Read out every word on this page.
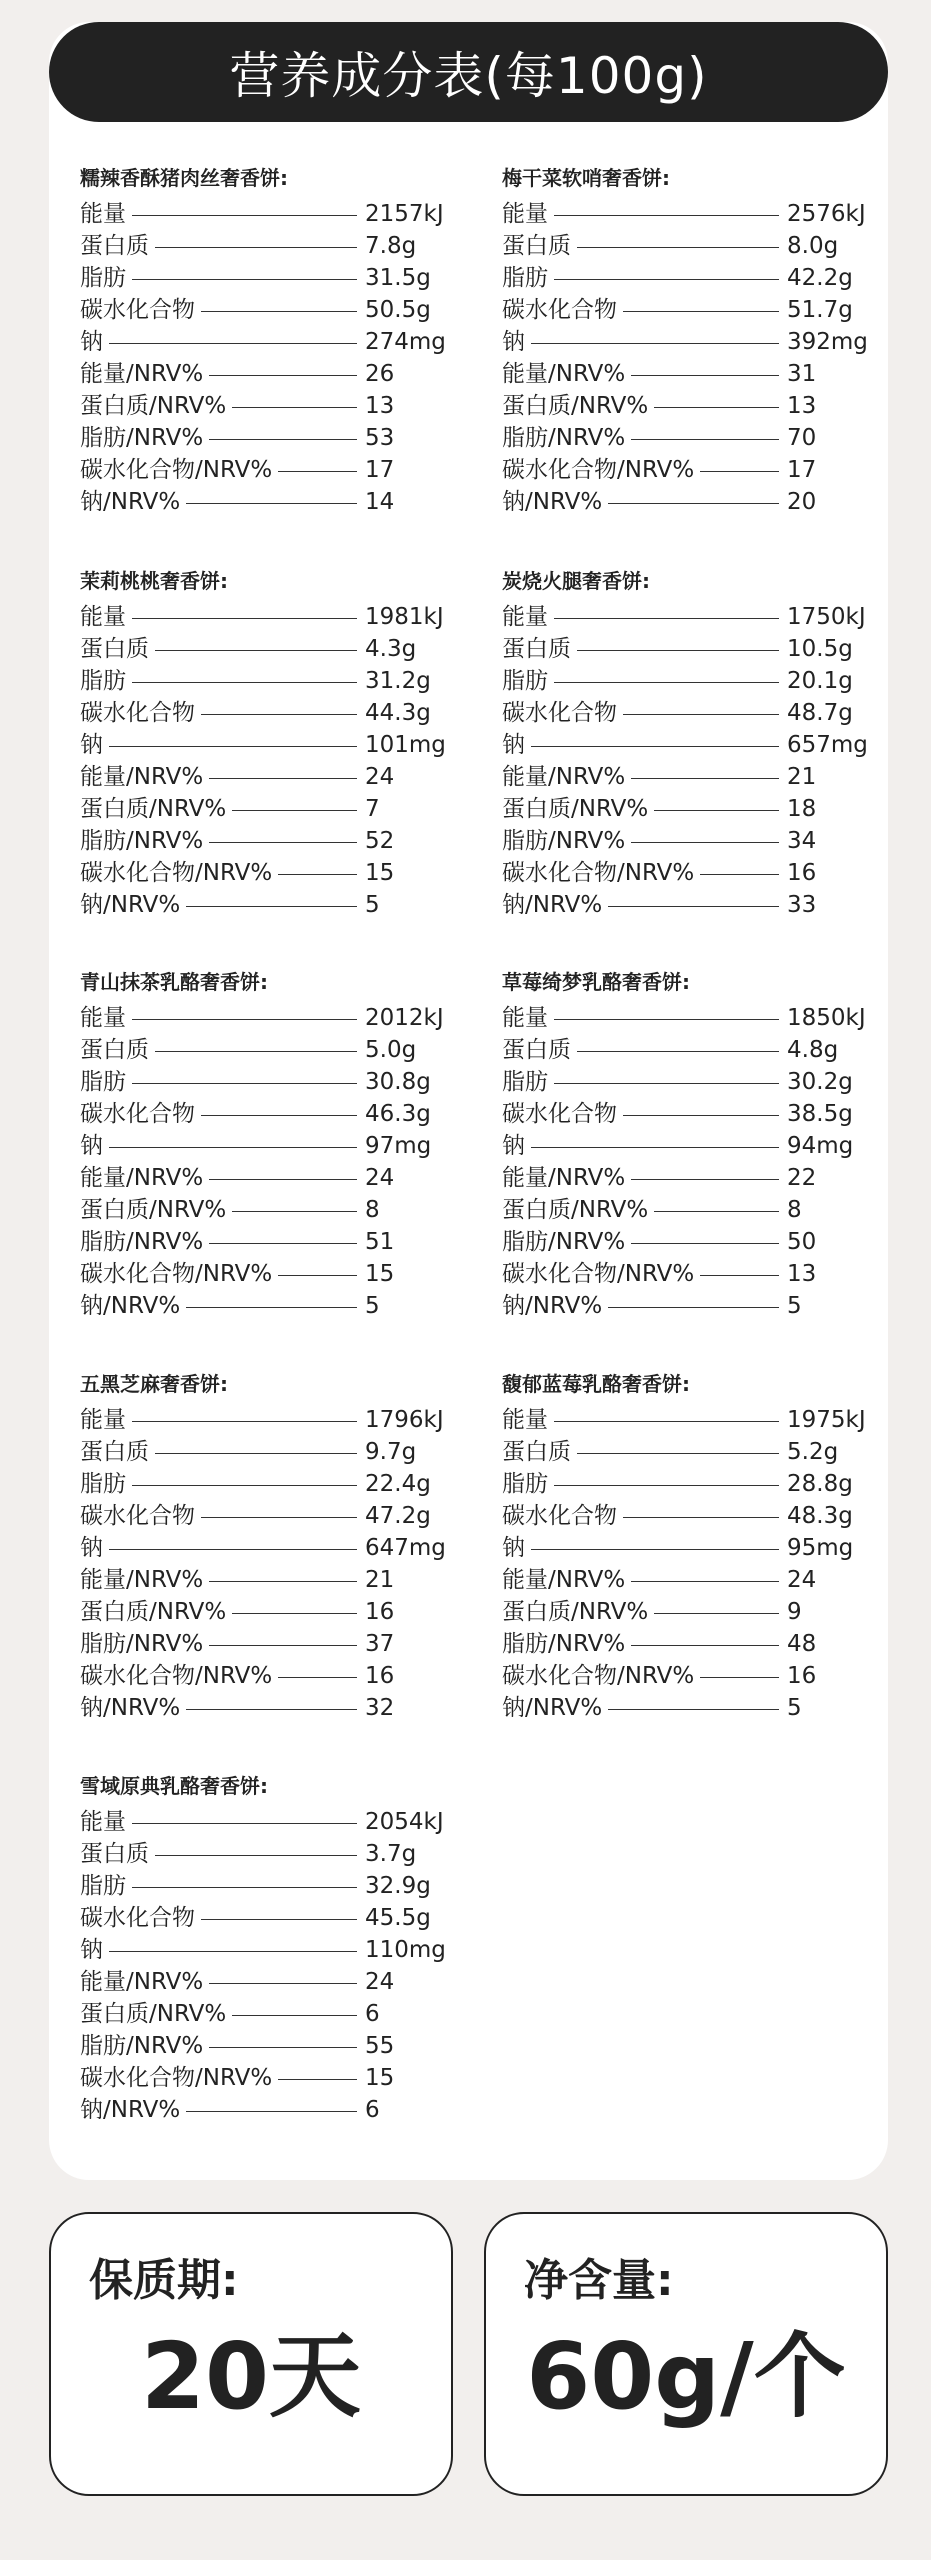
营养成分表(每100g)
糯辣香酥猪肉丝奢香饼:
能量	2157kJ
蛋白质	7.8g
脂肪	31.5g
碳水化合物	50.5g
钠	274mg
能量/NRV%	26
蛋白质/NRV%	13
脂肪/NRV%	53
碳水化合物/NRV%	17
钠/NRV%	14
梅干菜软哨奢香饼:
能量	2576kJ
蛋白质	8.0g
脂肪	42.2g
碳水化合物	51.7g
钠	392mg
能量/NRV%	31
蛋白质/NRV%	13
脂肪/NRV%	70
碳水化合物/NRV%	17
钠/NRV%	20
茉莉桃桃奢香饼:
能量	1981kJ
蛋白质	4.3g
脂肪	31.2g
碳水化合物	44.3g
钠	101mg
能量/NRV%	24
蛋白质/NRV%	7
脂肪/NRV%	52
碳水化合物/NRV%	15
钠/NRV%	5
炭烧火腿奢香饼:
能量	1750kJ
蛋白质	10.5g
脂肪	20.1g
碳水化合物	48.7g
钠	657mg
能量/NRV%	21
蛋白质/NRV%	18
脂肪/NRV%	34
碳水化合物/NRV%	16
钠/NRV%	33
青山抹茶乳酪奢香饼:
能量	2012kJ
蛋白质	5.0g
脂肪	30.8g
碳水化合物	46.3g
钠	97mg
能量/NRV%	24
蛋白质/NRV%	8
脂肪/NRV%	51
碳水化合物/NRV%	15
钠/NRV%	5
草莓绮梦乳酪奢香饼:
能量	1850kJ
蛋白质	4.8g
脂肪	30.2g
碳水化合物	38.5g
钠	94mg
能量/NRV%	22
蛋白质/NRV%	8
脂肪/NRV%	50
碳水化合物/NRV%	13
钠/NRV%	5
五黑芝麻奢香饼:
能量	1796kJ
蛋白质	9.7g
脂肪	22.4g
碳水化合物	47.2g
钠	647mg
能量/NRV%	21
蛋白质/NRV%	16
脂肪/NRV%	37
碳水化合物/NRV%	16
钠/NRV%	32
馥郁蓝莓乳酪奢香饼:
能量	1975kJ
蛋白质	5.2g
脂肪	28.8g
碳水化合物	48.3g
钠	95mg
能量/NRV%	24
蛋白质/NRV%	9
脂肪/NRV%	48
碳水化合物/NRV%	16
钠/NRV%	5
雪域原典乳酪奢香饼:
能量	2054kJ
蛋白质	3.7g
脂肪	32.9g
碳水化合物	45.5g
钠	110mg
能量/NRV%	24
蛋白质/NRV%	6
脂肪/NRV%	55
碳水化合物/NRV%	15
钠/NRV%	6
保质期:
20天
净含量:
60g/个
